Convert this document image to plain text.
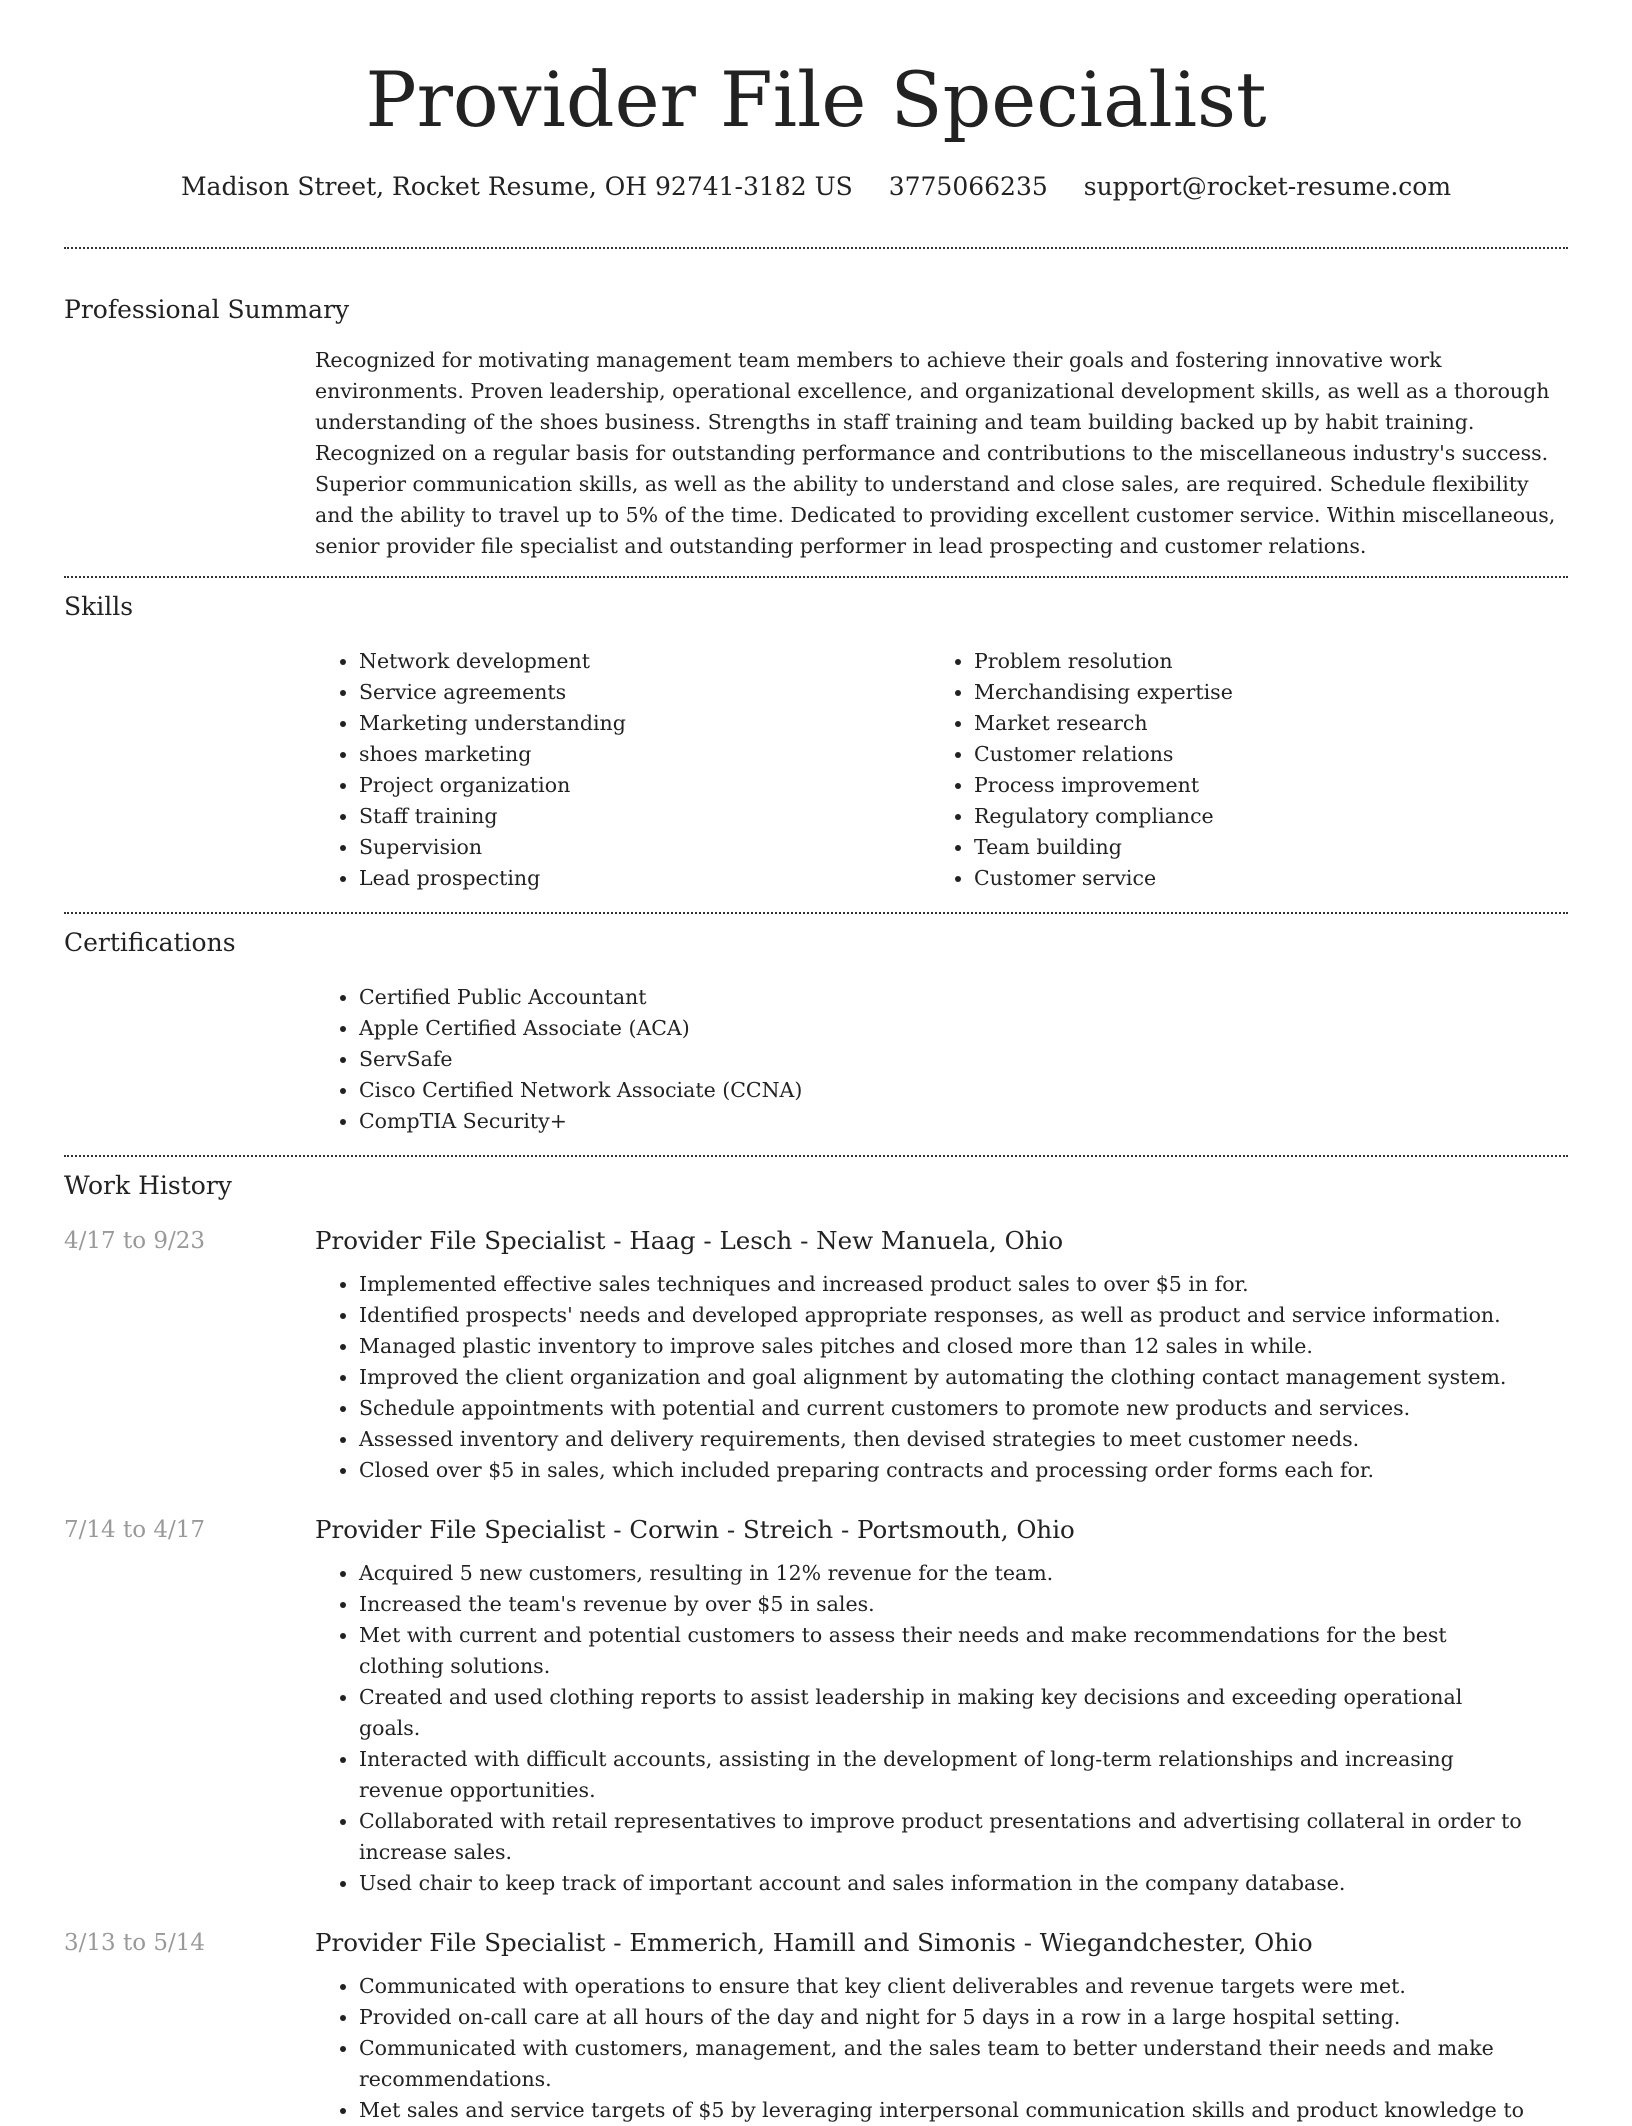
Provider File Specialist
Madison Street, Rocket Resume, OH 92741-3182 US 3775066235 support@rocket-resume.com
Professional Summary
Recognized for motivating management team members to achieve their goals and fostering innovative work environments. Proven leadership, operational excellence, and organizational development skills, as well as a thorough understanding of the shoes business. Strengths in staff training and team building backed up by habit training. Recognized on a regular basis for outstanding performance and contributions to the miscellaneous industry's success. Superior communication skills, as well as the ability to understand and close sales, are required. Schedule flexibility and the ability to travel up to 5% of the time. Dedicated to providing excellent customer service. Within miscellaneous, senior provider file specialist and outstanding performer in lead prospecting and customer relations.
Skills
• Network development
• Service agreements
• Marketing understanding
• shoes marketing
• Project organization
• Staff training
• Supervision
• Lead prospecting
• Problem resolution
• Merchandising expertise
• Market research
• Customer relations
• Process improvement
• Regulatory compliance
• Team building
• Customer service
Certifications
• Certified Public Accountant
• Apple Certified Associate (ACA)
• ServSafe
• Cisco Certified Network Associate (CCNA)
• CompTIA Security+
Work History
4/17 to 9/23	Provider File Specialist - Haag - Lesch - New Manuela, Ohio
• Implemented effective sales techniques and increased product sales to over $5 in for.
• Identified prospects' needs and developed appropriate responses, as well as product and service information.
• Managed plastic inventory to improve sales pitches and closed more than 12 sales in while.
• Improved the client organization and goal alignment by automating the clothing contact management system.
• Schedule appointments with potential and current customers to promote new products and services.
• Assessed inventory and delivery requirements, then devised strategies to meet customer needs.
• Closed over $5 in sales, which included preparing contracts and processing order forms each for.
7/14 to 4/17	Provider File Specialist - Corwin - Streich - Portsmouth, Ohio
• Acquired 5 new customers, resulting in 12% revenue for the team.
• Increased the team's revenue by over $5 in sales.
• Met with current and potential customers to assess their needs and make recommendations for the best clothing solutions.
• Created and used clothing reports to assist leadership in making key decisions and exceeding operational goals.
• Interacted with difficult accounts, assisting in the development of long-term relationships and increasing revenue opportunities.
• Collaborated with retail representatives to improve product presentations and advertising collateral in order to increase sales.
• Used chair to keep track of important account and sales information in the company database.
3/13 to 5/14	Provider File Specialist - Emmerich, Hamill and Simonis - Wiegandchester, Ohio
• Communicated with operations to ensure that key client deliverables and revenue targets were met.
• Provided on-call care at all hours of the day and night for 5 days in a row in a large hospital setting.
• Communicated with customers, management, and the sales team to better understand their needs and make recommendations.
• Met sales and service targets of $5 by leveraging interpersonal communication skills and product knowledge to
